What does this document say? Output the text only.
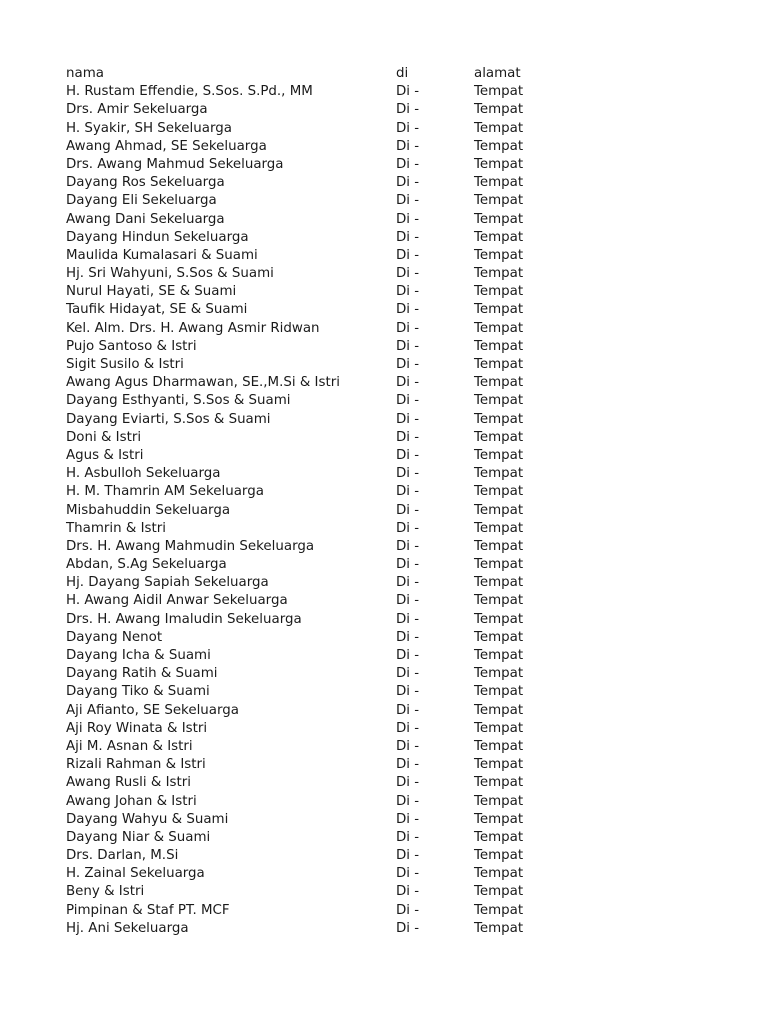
nama	di	alamat
H. Rustam Effendie, S.Sos. S.Pd., MM	Di -	Tempat
Drs. Amir Sekeluarga	Di -	Tempat
H. Syakir, SH Sekeluarga	Di -	Tempat
Awang Ahmad, SE Sekeluarga	Di -	Tempat
Drs. Awang Mahmud Sekeluarga	Di -	Tempat
Dayang Ros Sekeluarga	Di -	Tempat
Dayang Eli Sekeluarga	Di -	Tempat
Awang Dani Sekeluarga	Di -	Tempat
Dayang Hindun Sekeluarga	Di -	Tempat
Maulida Kumalasari & Suami	Di -	Tempat
Hj. Sri Wahyuni, S.Sos & Suami	Di -	Tempat
Nurul Hayati, SE & Suami	Di -	Tempat
Taufik Hidayat, SE & Suami	Di -	Tempat
Kel. Alm. Drs. H. Awang Asmir Ridwan	Di -	Tempat
Pujo Santoso & Istri	Di -	Tempat
Sigit Susilo & Istri	Di -	Tempat
Awang Agus Dharmawan, SE.,M.Si & Istri	Di -	Tempat
Dayang Esthyanti, S.Sos & Suami	Di -	Tempat
Dayang Eviarti, S.Sos & Suami	Di -	Tempat
Doni & Istri	Di -	Tempat
Agus & Istri	Di -	Tempat
H. Asbulloh Sekeluarga	Di -	Tempat
H. M. Thamrin AM Sekeluarga	Di -	Tempat
Misbahuddin Sekeluarga	Di -	Tempat
Thamrin & Istri	Di -	Tempat
Drs. H. Awang Mahmudin Sekeluarga	Di -	Tempat
Abdan, S.Ag Sekeluarga	Di -	Tempat
Hj. Dayang Sapiah Sekeluarga	Di -	Tempat
H. Awang Aidil Anwar Sekeluarga	Di -	Tempat
Drs. H. Awang Imaludin Sekeluarga	Di -	Tempat
Dayang Nenot	Di -	Tempat
Dayang Icha & Suami	Di -	Tempat
Dayang Ratih & Suami	Di -	Tempat
Dayang Tiko & Suami	Di -	Tempat
Aji Afianto, SE Sekeluarga	Di -	Tempat
Aji Roy Winata & Istri	Di -	Tempat
Aji M. Asnan & Istri	Di -	Tempat
Rizali Rahman & Istri	Di -	Tempat
Awang Rusli & Istri	Di -	Tempat
Awang Johan & Istri	Di -	Tempat
Dayang Wahyu & Suami	Di -	Tempat
Dayang Niar & Suami	Di -	Tempat
Drs. Darlan, M.Si	Di -	Tempat
H. Zainal Sekeluarga	Di -	Tempat
Beny & Istri	Di -	Tempat
Pimpinan & Staf PT. MCF	Di -	Tempat
Hj. Ani Sekeluarga	Di -	Tempat
